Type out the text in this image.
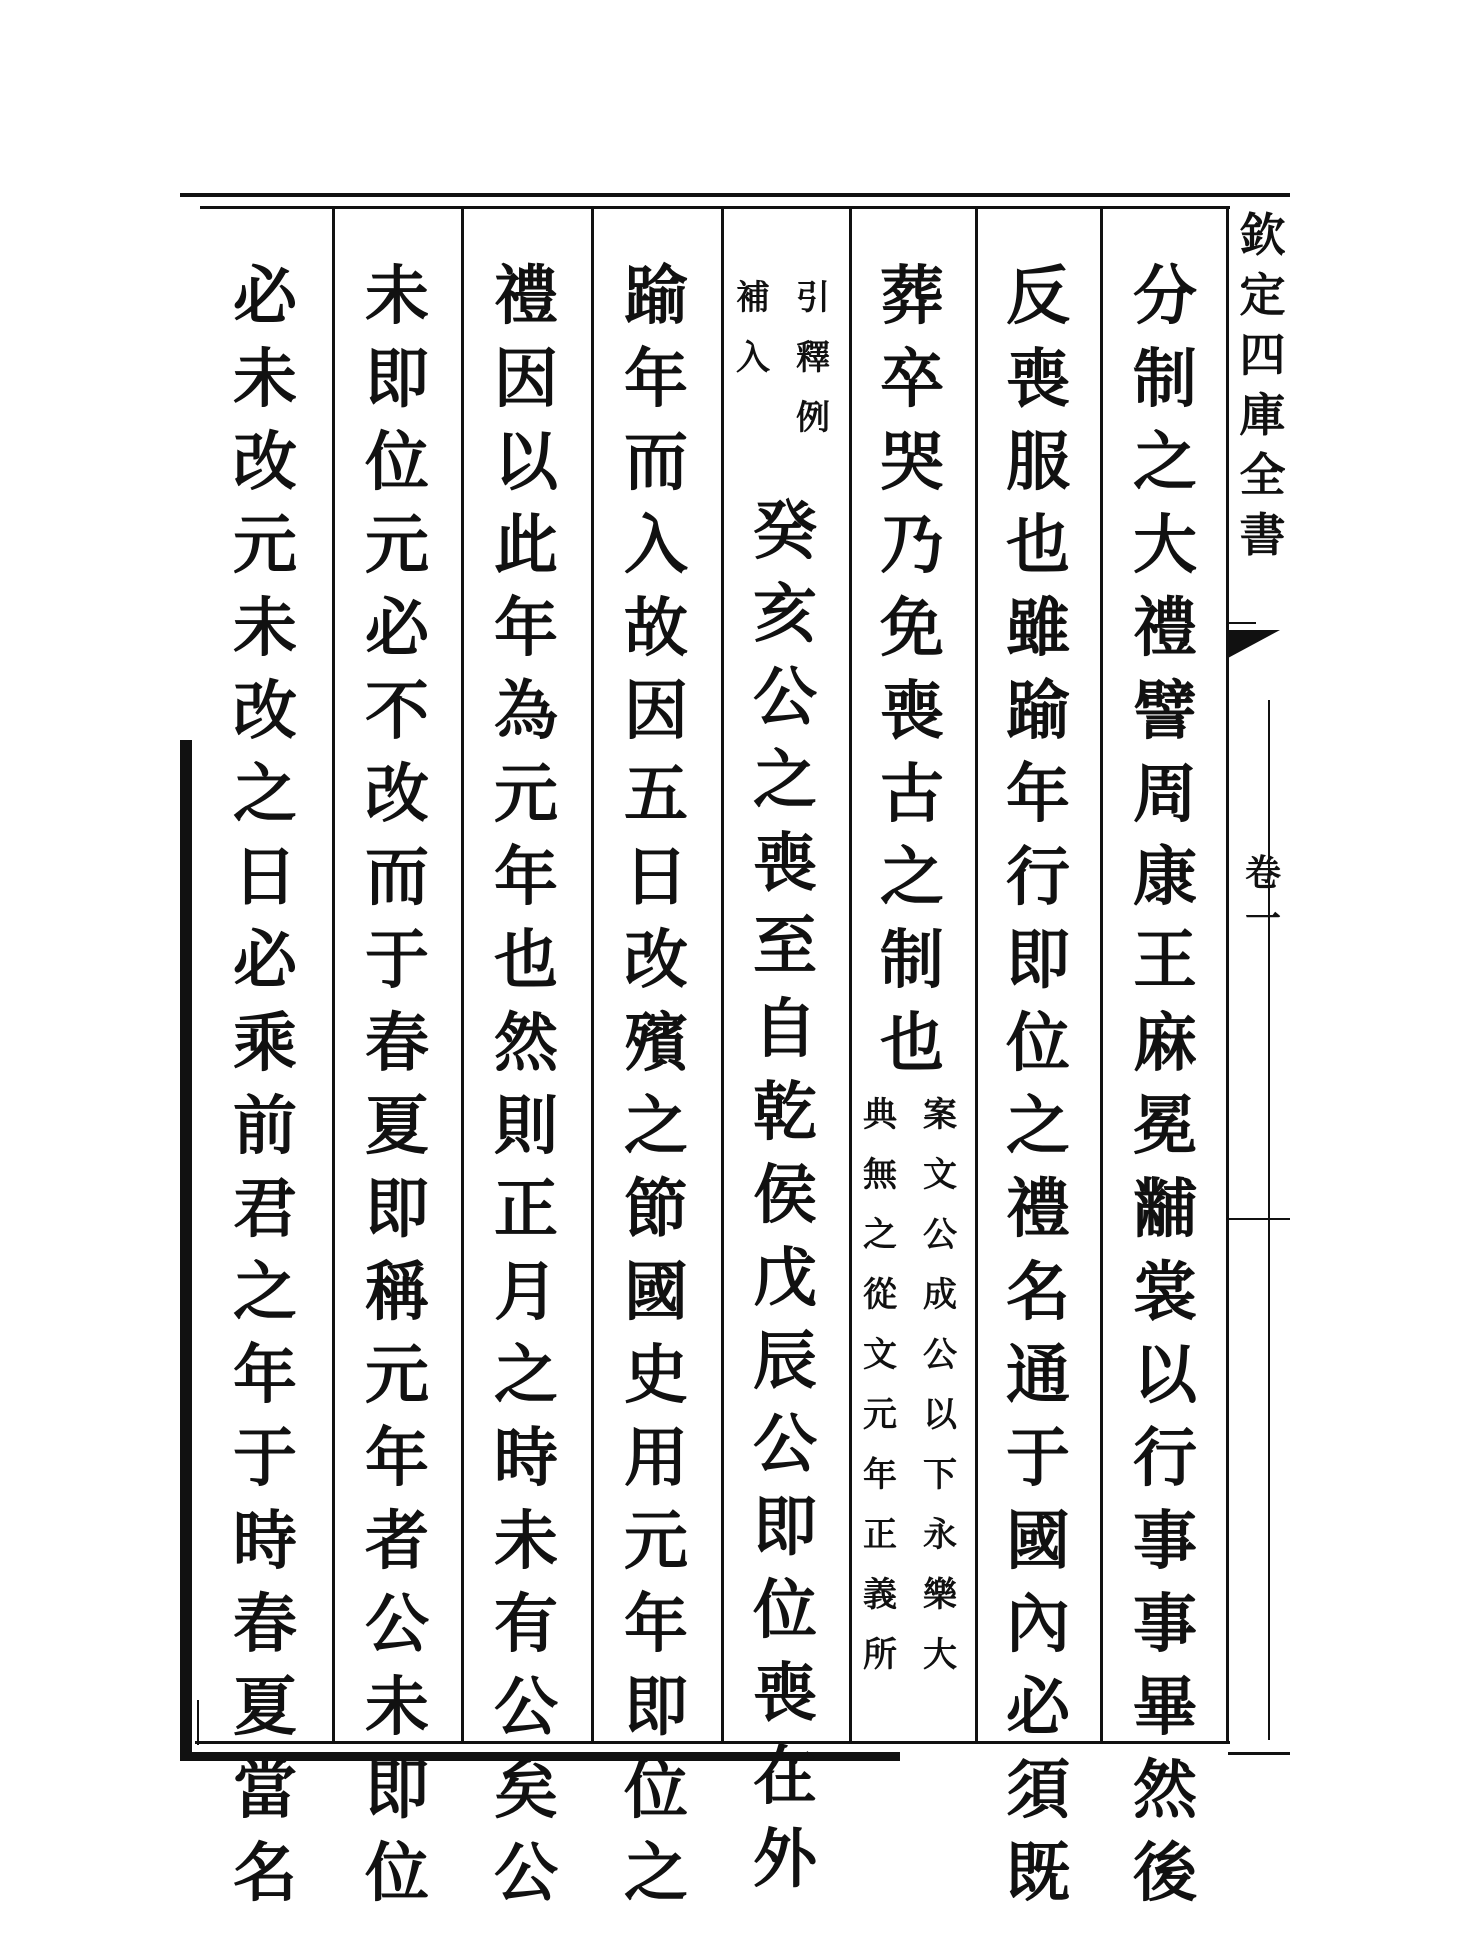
欽
定
四
庫
全
書
卷
一
分
制
之
大
禮
譬
周
康
王
麻
冕
黼
裳
以
行
事
事
畢
然
後
反
喪
服
也
雖
踰
年
行
即
位
之
禮
名
通
于
國
內
必
須
既
葬
卒
哭
乃
免
喪
古
之
制
也
案
文
公
成
公
以
下
永
樂
大
典
無
之
從
文
元
年
正
義
所
引
釋
例
補
入
癸
亥
公
之
喪
至
自
乾
侯
戊
辰
公
即
位
喪
在
外
踰
年
而
入
故
因
五
日
改
殯
之
節
國
史
用
元
年
即
位
之
禮
因
以
此
年
為
元
年
也
然
則
正
月
之
時
未
有
公
矣
公
未
即
位
元
必
不
改
而
于
春
夏
即
稱
元
年
者
公
未
即
位
必
未
改
元
未
改
之
日
必
乘
前
君
之
年
于
時
春
夏
當
名
